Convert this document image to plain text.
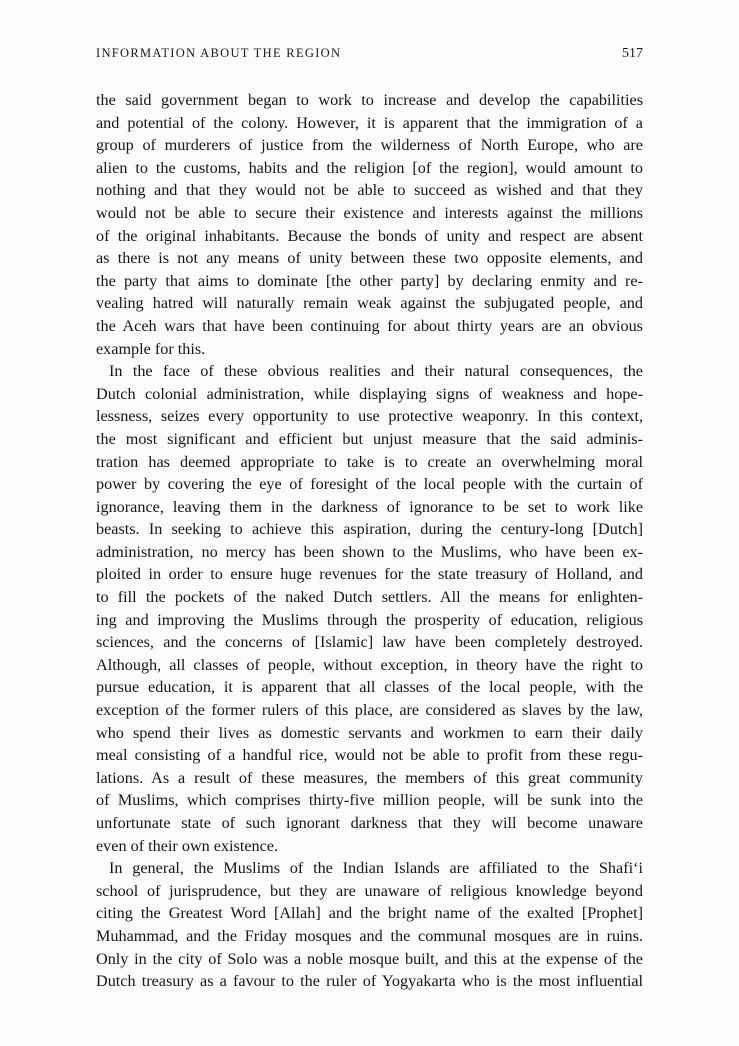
INFORMATION ABOUT THE REGION	517
the said government began to work to increase and develop the capabilities
and potential of the colony. However, it is apparent that the immigration of a
group of murderers of justice from the wilderness of North Europe, who are
alien to the customs, habits and the religion [of the region], would amount to
nothing and that they would not be able to succeed as wished and that they
would not be able to secure their existence and interests against the millions
of the original inhabitants. Because the bonds of unity and respect are absent
as there is not any means of unity between these two opposite elements, and
the party that aims to dominate [the other party] by declaring enmity and re-
vealing hatred will naturally remain weak against the subjugated people, and
the Aceh wars that have been continuing for about thirty years are an obvious
example for this.
In the face of these obvious realities and their natural consequences, the
Dutch colonial administration, while displaying signs of weakness and hope-
lessness, seizes every opportunity to use protective weaponry. In this context,
the most significant and efficient but unjust measure that the said adminis-
tration has deemed appropriate to take is to create an overwhelming moral
power by covering the eye of foresight of the local people with the curtain of
ignorance, leaving them in the darkness of ignorance to be set to work like
beasts. In seeking to achieve this aspiration, during the century-long [Dutch]
administration, no mercy has been shown to the Muslims, who have been ex-
ploited in order to ensure huge revenues for the state treasury of Holland, and
to fill the pockets of the naked Dutch settlers. All the means for enlighten-
ing and improving the Muslims through the prosperity of education, religious
sciences, and the concerns of [Islamic] law have been completely destroyed.
Although, all classes of people, without exception, in theory have the right to
pursue education, it is apparent that all classes of the local people, with the
exception of the former rulers of this place, are considered as slaves by the law,
who spend their lives as domestic servants and workmen to earn their daily
meal consisting of a handful rice, would not be able to profit from these regu-
lations. As a result of these measures, the members of this great community
of Muslims, which comprises thirty-five million people, will be sunk into the
unfortunate state of such ignorant darkness that they will become unaware
even of their own existence.
In general, the Muslims of the Indian Islands are affiliated to the Shafi‘i
school of jurisprudence, but they are unaware of religious knowledge beyond
citing the Greatest Word [Allah] and the bright name of the exalted [Prophet]
Muhammad, and the Friday mosques and the communal mosques are in ruins.
Only in the city of Solo was a noble mosque built, and this at the expense of the
Dutch treasury as a favour to the ruler of Yogyakarta who is the most influential
